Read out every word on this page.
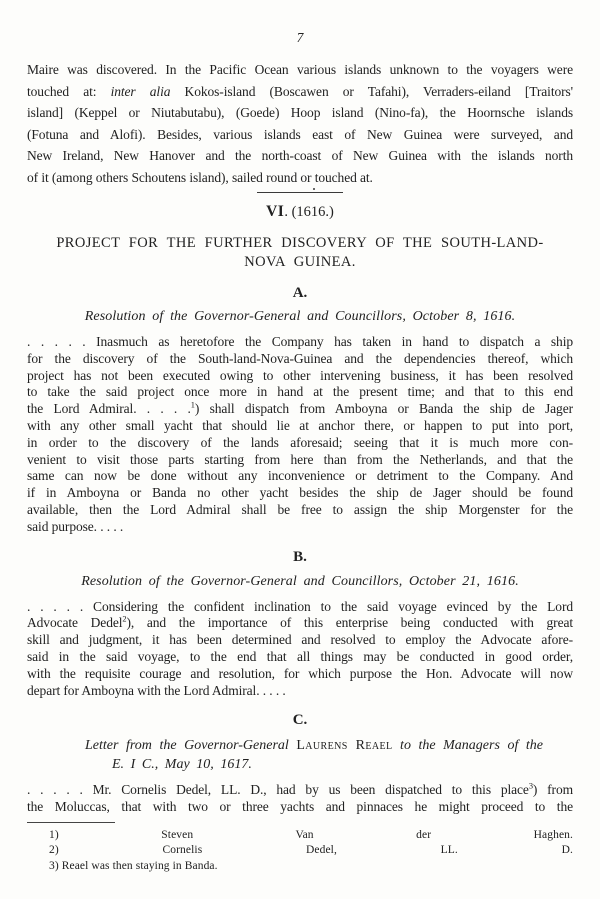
7
Maire was discovered. In the Pacific Ocean various islands unknown to the voyagers were
touched at: inter alia Kokos-island (Boscawen or Tafahi), Verraders-eiland [Traitors'
island] (Keppel or Niutabutabu), (Goede) Hoop island (Nino-fa), the Hoornsche islands
(Fotuna and Alofi). Besides, various islands east of New Guinea were surveyed, and
New Ireland, New Hanover and the north-coast of New Guinea with the islands north
of it (among others Schoutens island), sailed round or touched at.
VI. (1616.)
PROJECT FOR THE FURTHER DISCOVERY OF THE SOUTH-LAND-
NOVA GUINEA.
A.
Resolution of the Governor-General and Councillors, October 8, 1616.
. . . . . Inasmuch as heretofore the Company has taken in hand to dispatch a ship
for the discovery of the South-land-Nova-Guinea and the dependencies thereof, which
project has not been executed owing to other intervening business, it has been resolved
to take the said project once more in hand at the present time; and that to this end
the Lord Admiral. . . . .$^1$) shall dispatch from Amboyna or Banda the ship de Jager
with any other small yacht that should lie at anchor there, or happen to put into port,
in order to the discovery of the lands aforesaid; seeing that it is much more con-
venient to visit those parts starting from here than from the Netherlands, and that the
same can now be done without any inconvenience or detriment to the Company. And
if in Amboyna or Banda no other yacht besides the ship de Jager should be found
available, then the Lord Admiral shall be free to assign the ship Morgenster for the
said purpose. . . . .
B.
Resolution of the Governor-General and Councillors, October 21, 1616.
. . . . . Considering the confident inclination to the said voyage evinced by the Lord
Advocate Dedel$^2$), and the importance of this enterprise being conducted with great
skill and judgment, it has been determined and resolved to employ the Advocate afore-
said in the said voyage, to the end that all things may be conducted in good order,
with the requisite courage and resolution, for which purpose the Hon. Advocate will now
depart for Amboyna with the Lord Admiral. . . . .
C.
Letter from the Governor-General Laurens Reael to the Managers of the
E. I C., May 10, 1617.
. . . . . Mr. Cornelis Dedel, LL. D., had by us been dispatched to this place$^3$) from
the Moluccas, that with two or three yachts and pinnaces he might proceed to the
1) Steven Van der Haghen.
2) Cornelis Dedel, LL. D.
3) Reael was then staying in Banda.
